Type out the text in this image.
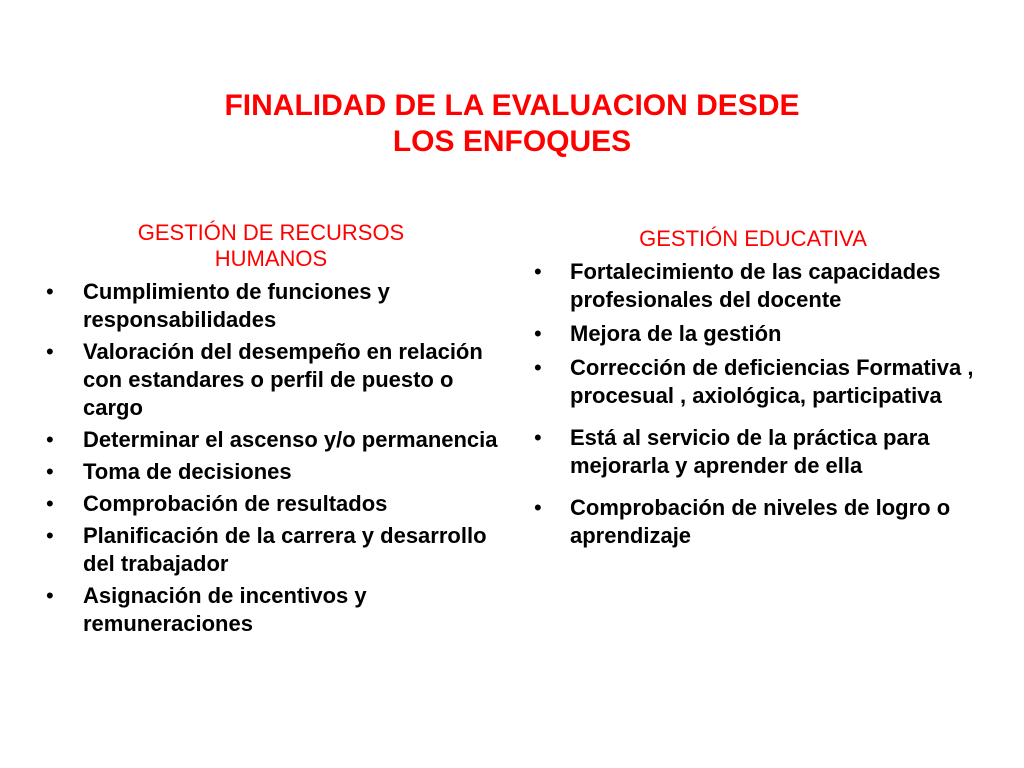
FINALIDAD DE LA EVALUACION DESDE
LOS ENFOQUES
GESTIÓN DE RECURSOS
HUMANOS
• Cumplimiento de funciones y responsabilidades
• Valoración del desempeño en relación con estandares o perfil de puesto o cargo
• Determinar el ascenso y/o permanencia
• Toma de decisiones
• Comprobación de resultados
• Planificación de la carrera y desarrollo del trabajador
• Asignación de incentivos y remuneraciones
GESTIÓN EDUCATIVA
• Fortalecimiento de las capacidades profesionales del docente
• Mejora de la gestión
• Corrección de deficiencias Formativa , procesual , axiológica, participativa
• Está al servicio de la práctica para mejorarla y aprender de ella
• Comprobación de niveles de logro o aprendizaje
